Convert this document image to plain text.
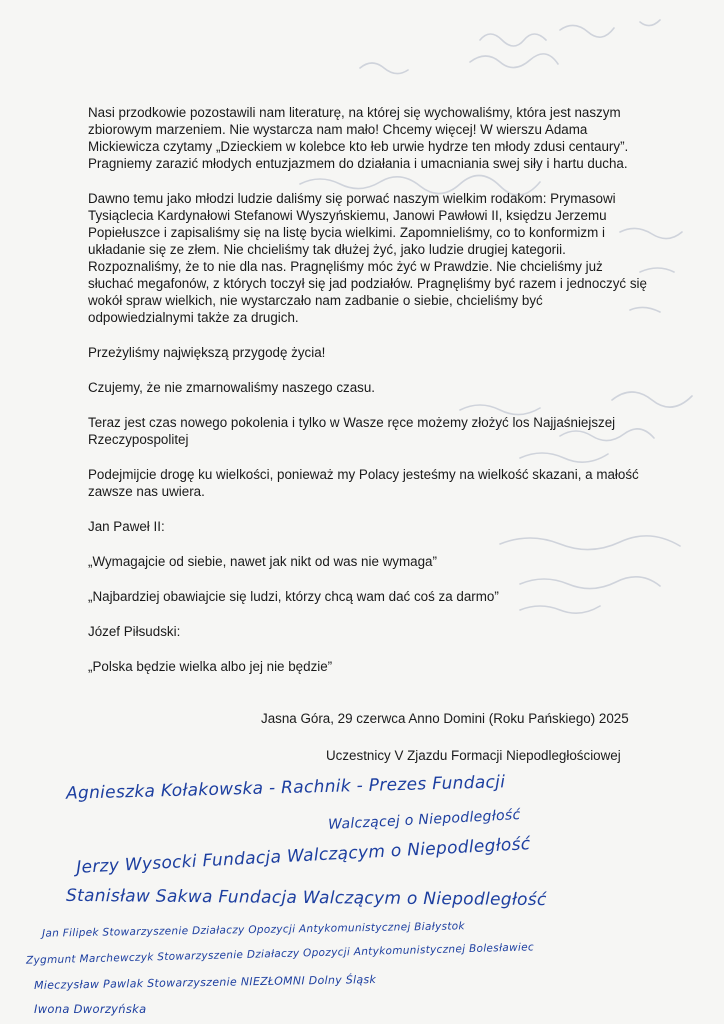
Nasi przodkowie pozostawili nam literaturę, na której się wychowaliśmy, która jest naszym zbiorowym marzeniem. Nie wystarcza nam mało! Chcemy więcej! W wierszu Adama Mickiewicza czytamy „Dzieckiem w kolebce kto łeb urwie hydrze ten młody zdusi centaury”. Pragniemy zarazić młodych entuzjazmem do działania i umacniania swej siły i hartu ducha.

Dawno temu jako młodzi ludzie daliśmy się porwać naszym wielkim rodakom: Prymasowi Tysiąclecia Kardynałowi Stefanowi Wyszyńskiemu, Janowi Pawłowi II, księdzu Jerzemu Popiełuszce i zapisaliśmy się na listę bycia wielkimi. Zapomnieliśmy, co to konformizm i układanie się ze złem. Nie chcieliśmy tak dłużej żyć, jako ludzie drugiej kategorii. Rozpoznaliśmy, że to nie dla nas. Pragnęliśmy móc żyć w Prawdzie. Nie chcieliśmy już słuchać megafonów, z których toczył się jad podziałów. Pragnęliśmy być razem i jednoczyć się wokół spraw wielkich, nie wystarczało nam zadbanie o siebie, chcieliśmy być odpowiedzialnymi także za drugich.

Przeżyliśmy największą przygodę życia!

Czujemy, że nie zmarnowaliśmy naszego czasu.

Teraz jest czas nowego pokolenia i tylko w Wasze ręce możemy złożyć los Najjaśniejszej Rzeczypospolitej

Podejmijcie drogę ku wielkości, ponieważ my Polacy jesteśmy na wielkość skazani, a małość zawsze nas uwiera.

Jan Paweł II:

„Wymagajcie od siebie, nawet jak nikt od was nie wymaga”

„Najbardziej obawiajcie się ludzi, którzy chcą wam dać coś za darmo”

Józef Piłsudski:

„Polska będzie wielka albo jej nie będzie”

Jasna Góra, 29 czerwca Anno Domini (Roku Pańskiego) 2025
Uczestnicy V Zjazdu Formacji Niepodległościowej
Agnieszka Kołakowska - Rachnik - Prezes Fundacji
Walczącej o Niepodległość
Jerzy Wysocki Fundacja Walczącym o Niepodległość
Stanisław Sakwa Fundacja Walczącym o Niepodległość
Jan Filipek Stowarzyszenie Działaczy Opozycji Antykomunistycznej Białystok
Zygmunt Marchewczyk Stowarzyszenie Działaczy Opozycji Antykomunistycznej Bolesławiec
Mieczysław Pawlak Stowarzyszenie NIEZŁOMNI Dolny Śląsk
Iwona Dworzyńska
